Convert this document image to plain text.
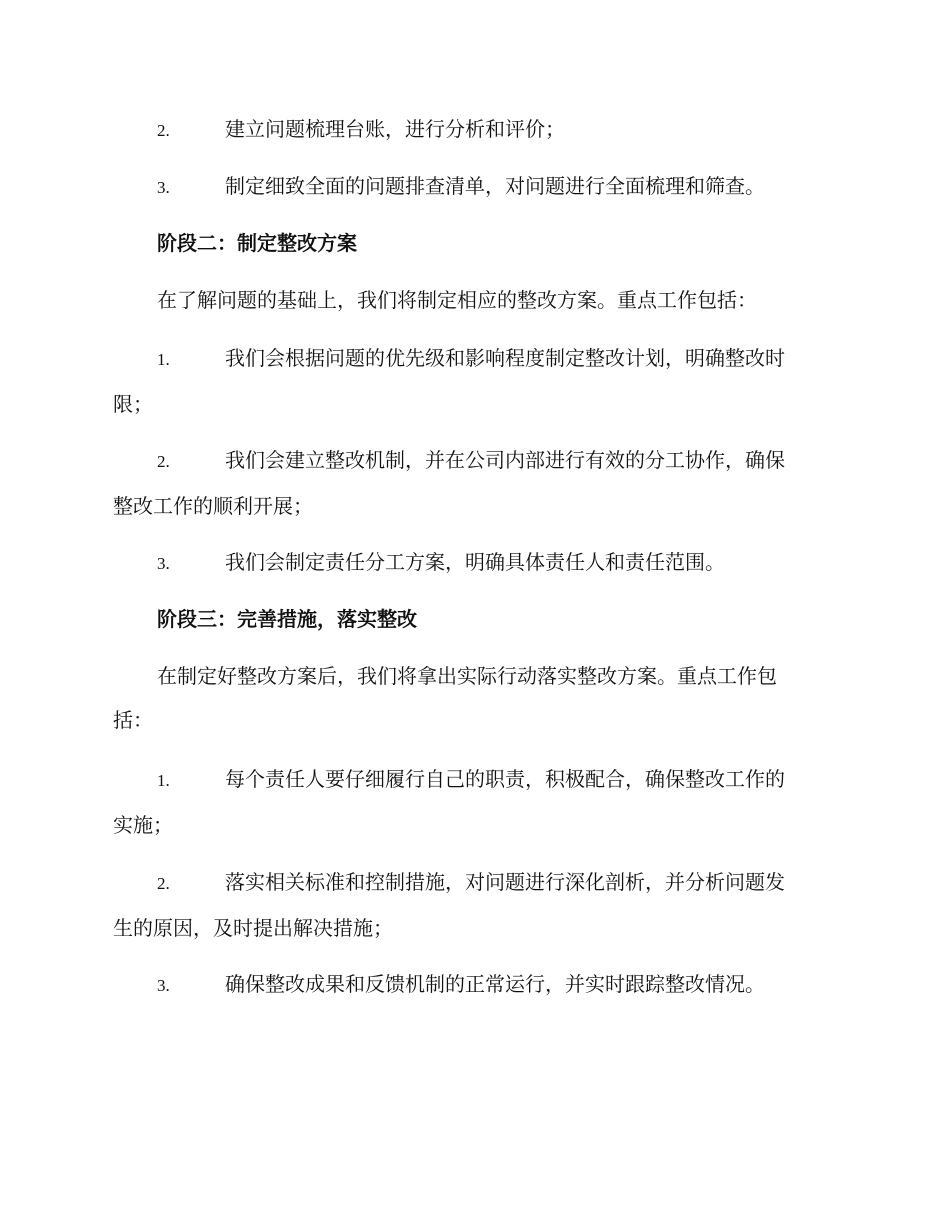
2.	建立问题梳理台账，进行分析和评价；
3.	制定细致全面的问题排查清单，对问题进行全面梳理和筛查。
阶段二：制定整改方案
在了解问题的基础上，我们将制定相应的整改方案。重点工作包括：
1.	我们会根据问题的优先级和影响程度制定整改计划，明确整改时
限；
2.	我们会建立整改机制，并在公司内部进行有效的分工协作，确保
整改工作的顺利开展；
3.	我们会制定责任分工方案，明确具体责任人和责任范围。
阶段三：完善措施，落实整改
在制定好整改方案后，我们将拿出实际行动落实整改方案。重点工作包
括：
1.	每个责任人要仔细履行自己的职责，积极配合，确保整改工作的
实施；
2.	落实相关标准和控制措施，对问题进行深化剖析，并分析问题发
生的原因，及时提出解决措施；
3.	确保整改成果和反馈机制的正常运行，并实时跟踪整改情况。
